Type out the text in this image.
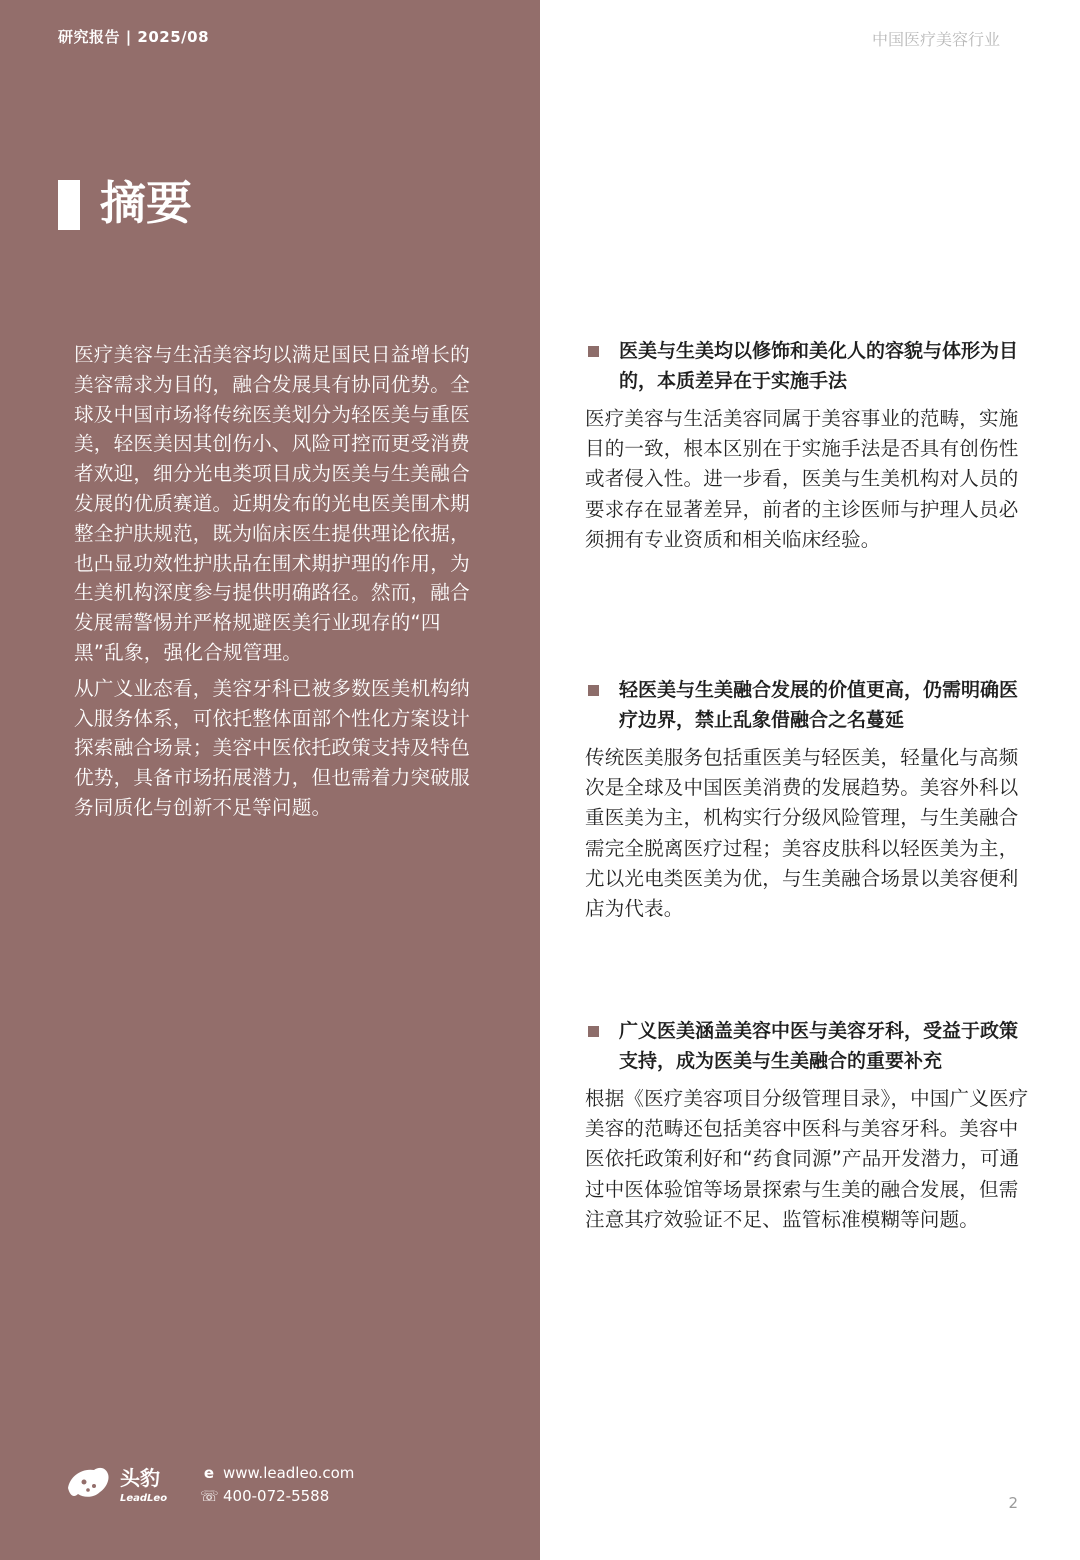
研究报告 | 2025/08	中国医疗美容行业
摘要

医疗美容与生活美容均以满足国民日益增长的美容需求为目的，融合发展具有协同优势。全球及中国市场将传统医美划分为轻医美与重医美，轻医美因其创伤小、风险可控而更受消费者欢迎，细分光电类项目成为医美与生美融合发展的优质赛道。近期发布的光电医美围术期整全护肤规范，既为临床医生提供理论依据，也凸显功效性护肤品在围术期护理的作用，为生美机构深度参与提供明确路径。然而，融合发展需警惕并严格规避医美行业现存的“四黑”乱象，强化合规管理。

从广义业态看，美容牙科已被多数医美机构纳入服务体系，可依托整体面部个性化方案设计探索融合场景；美容中医依托政策支持及特色优势，具备市场拓展潜力，但也需着力突破服务同质化与创新不足等问题。

医美与生美均以修饰和美化人的容貌与体形为目的，本质差异在于实施手法
医疗美容与生活美容同属于美容事业的范畴，实施目的一致，根本区别在于实施手法是否具有创伤性或者侵入性。进一步看，医美与生美机构对人员的要求存在显著差异，前者的主诊医师与护理人员必须拥有专业资质和相关临床经验。
轻医美与生美融合发展的价值更高，仍需明确医疗边界，禁止乱象借融合之名蔓延
传统医美服务包括重医美与轻医美，轻量化与高频次是全球及中国医美消费的发展趋势。美容外科以重医美为主，机构实行分级风险管理，与生美融合需完全脱离医疗过程；美容皮肤科以轻医美为主，尤以光电类医美为优，与生美融合场景以美容便利店为代表。
广义医美涵盖美容中医与美容牙科，受益于政策支持，成为医美与生美融合的重要补充
根据《医疗美容项目分级管理目录》，中国广义医疗美容的范畴还包括美容中医科与美容牙科。美容中医依托政策利好和“药食同源”产品开发潜力，可通过中医体验馆等场景探索与生美的融合发展，但需注意其疗效验证不足、监管标准模糊等问题。
头豹
LeadLeo
e www.leadleo.com
☏ 400-072-5588	2
